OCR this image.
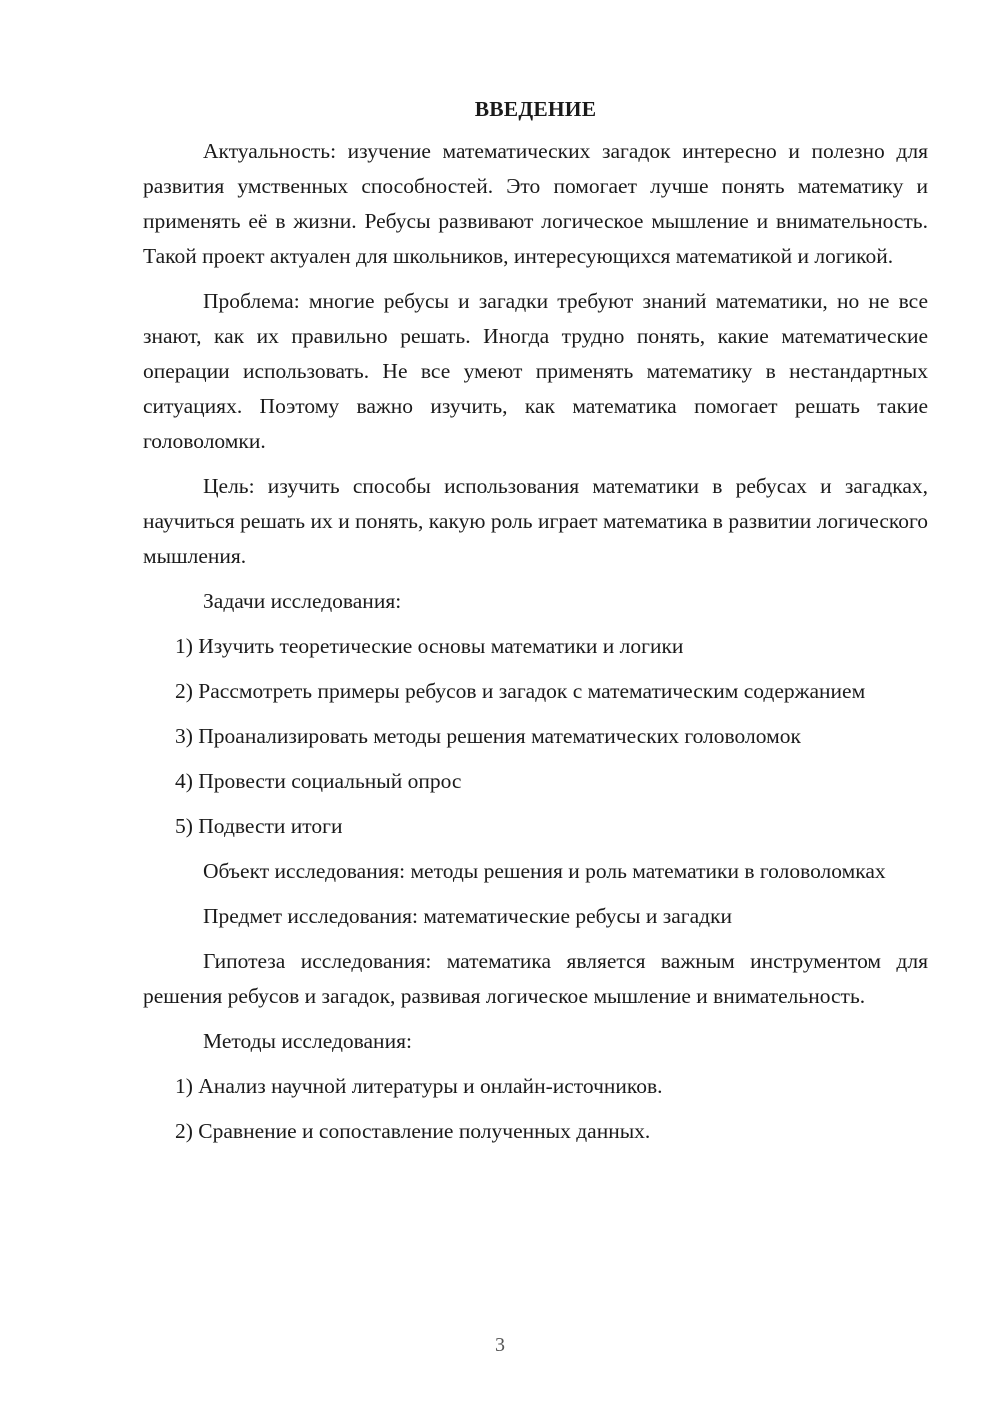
ВВЕДЕНИЕ

Актуальность: изучение математических загадок интересно и полезно для развития умственных способностей. Это помогает лучше понять математику и применять её в жизни. Ребусы развивают логическое мышление и внимательность. Такой проект актуален для школьников, интересующихся математикой и логикой.

Проблема: многие ребусы и загадки требуют знаний математики, но не все знают, как их правильно решать. Иногда трудно понять, какие математические операции использовать. Не все умеют применять математику в нестандартных ситуациях. Поэтому важно изучить, как математика помогает решать такие головоломки.

Цель: изучить способы использования математики в ребусах и загадках, научиться решать их и понять, какую роль играет математика в развитии логического мышления.

Задачи исследования:

1) Изучить теоретические основы математики и логики

2) Рассмотреть примеры ребусов и загадок с математическим содержанием

3) Проанализировать методы решения математических головоломок

4) Провести социальный опрос

5) Подвести итоги

Объект исследования: методы решения и роль математики в головоломках

Предмет исследования: математические ребусы и загадки

Гипотеза исследования: математика является важным инструментом для решения ребусов и загадок, развивая логическое мышление и внимательность.

Методы исследования:

1) Анализ научной литературы и онлайн-источников.

2) Сравнение и сопоставление полученных данных.

3
